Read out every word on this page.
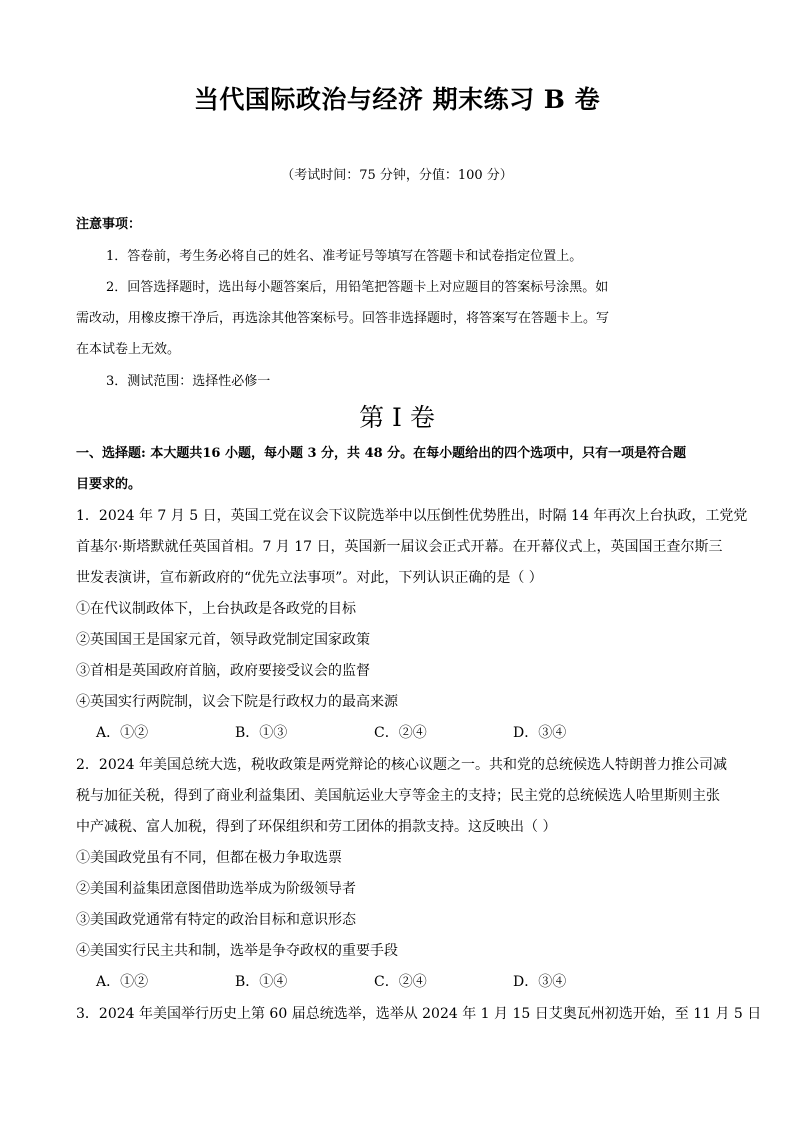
当代国际政治与经济 期末练习 B 卷
（考试时间：75 分钟，分值：100 分）
注意事项：
1．答卷前，考生务必将自己的姓名、准考证号等填写在答题卡和试卷指定位置上。
2．回答选择题时，选出每小题答案后，用铅笔把答题卡上对应题目的答案标号涂黑。如
需改动，用橡皮擦干净后，再选涂其他答案标号。回答非选择题时，将答案写在答题卡上。写
在本试卷上无效。
3．测试范围：选择性必修一
第 I 卷
一、选择题: 本大题共16 小题，每小题 3 分，共 48 分。在每小题给出的四个选项中，只有一项是符合题
目要求的。
1．2024 年 7 月 5 日，英国工党在议会下议院选举中以压倒性优势胜出，时隔 14 年再次上台执政，工党党
首基尔·斯塔默就任英国首相。7 月 17 日，英国新一届议会正式开幕。在开幕仪式上，英国国王查尔斯三
世发表演讲，宣布新政府的“优先立法事项”。对此，下列认识正确的是（ ）
①在代议制政体下，上台执政是各政党的目标
②英国国王是国家元首，领导政党制定国家政策
③首相是英国政府首脑，政府要接受议会的监督
④英国实行两院制，议会下院是行政权力的最高来源
A．①②	B．①③	C．②④	D．③④
2．2024 年美国总统大选，税收政策是两党辩论的核心议题之一。共和党的总统候选人特朗普力推公司减
税与加征关税，得到了商业利益集团、美国航运业大亨等金主的支持；民主党的总统候选人哈里斯则主张
中产减税、富人加税，得到了环保组织和劳工团体的捐款支持。这反映出（ ）
①美国政党虽有不同，但都在极力争取选票
②美国利益集团意图借助选举成为阶级领导者
③美国政党通常有特定的政治目标和意识形态
④美国实行民主共和制，选举是争夺政权的重要手段
A．①②	B．①④	C．②④	D．③④
3．2024 年美国举行历史上第 60 届总统选举，选举从 2024 年 1 月 15 日艾奥瓦州初选开始，至 11 月 5 日
